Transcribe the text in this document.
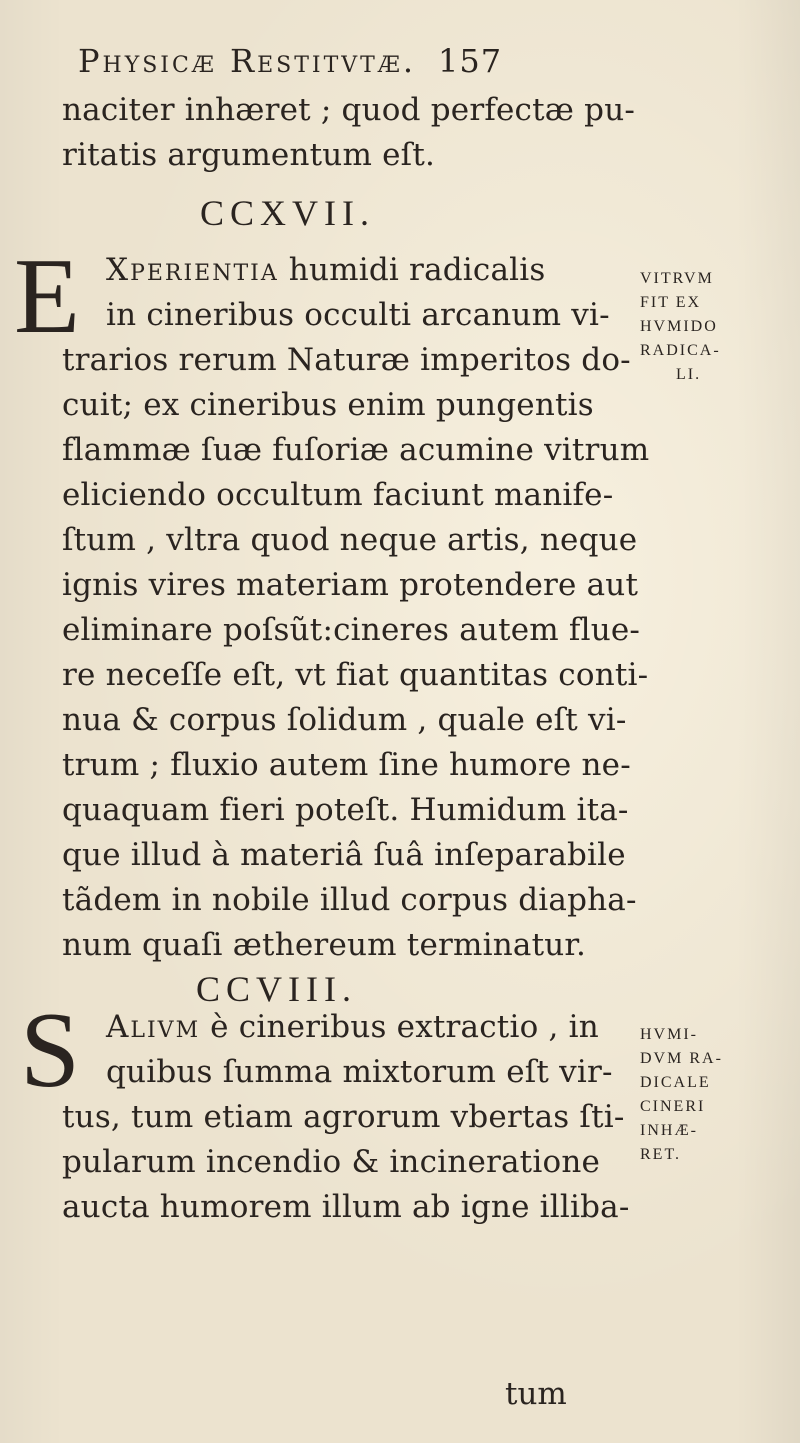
Physicæ Restitvtæ. 157
naciter inhæret ; quod perfectæ pu-
ritatis argumentum eſt.
CCXVII.
E Xperientia humidi radicalis
in cineribus occulti arcanum vi-
trarios rerum Naturæ imperitos do-
cuit; ex cineribus enim pungentis
flammæ ſuæ fuſoriæ acumine vitrum
eliciendo occultum faciunt manife-
ſtum , vltra quod neque artis, neque
ignis vires materiam protendere aut
eliminare poſsũt:cineres autem flue-
re neceſſe eſt, vt fiat quantitas conti-
nua & corpus ſolidum , quale eſt vi-
trum ; fluxio autem ſine humore ne-
quaquam fieri poteſt. Humidum ita-
que illud à materiâ ſuâ inſeparabile
tãdem in nobile illud corpus diapha-
num quaſi æthereum terminatur.
VITRVM
FIT EX
HVMIDO
RADICA-
LI.
CCVIII.
S Alivm è cineribus extractio , in
quibus ſumma mixtorum eſt vir-
tus, tum etiam agrorum vbertas ſti-
pularum incendio & incineratione
aucta humorem illum ab igne illiba-
HVMI-
DVM RA-
DICALE
CINERI
INHÆ-
RET.
tum
